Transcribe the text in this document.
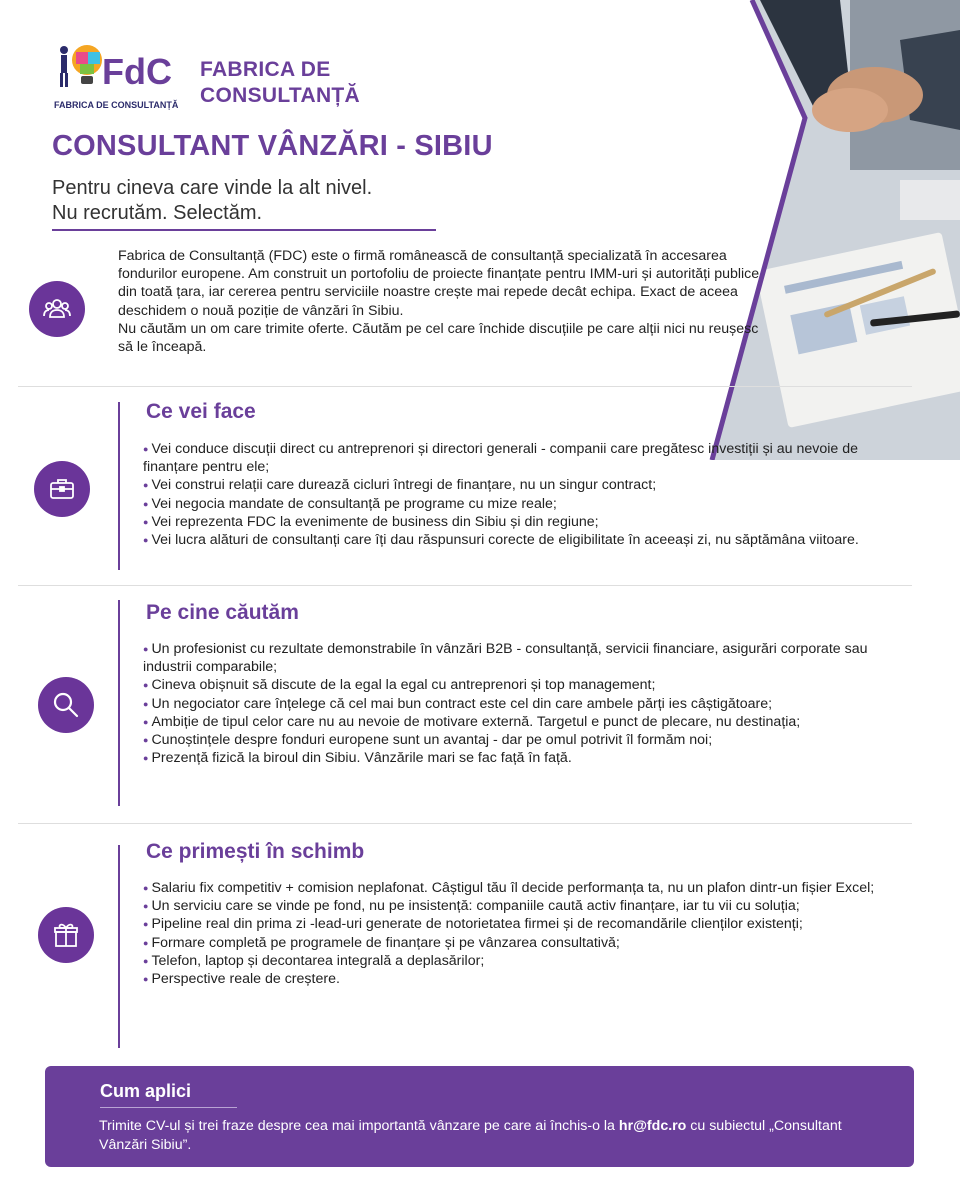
FdC
FABRICA DE CONSULTANȚĂ
FABRICA DE
CONSULTANȚĂ
CONSULTANT VÂNZĂRI - SIBIU
Pentru cineva care vinde la alt nivel.
Nu recrutăm. Selectăm.
Fabrica de Consultanță (FDC) este o firmă românească de consultanță specializată în accesarea fondurilor europene. Am construit un portofoliu de proiecte finanțate pentru IMM-uri și autorități publice din toată țara, iar cererea pentru serviciile noastre crește mai repede decât echipa. Exact de aceea deschidem o nouă poziție de vânzări în Sibiu.
Nu căutăm un om care trimite oferte. Căutăm pe cel care închide discuțiile pe care alții nici nu reușesc să le înceapă.
Ce vei face
● Vei conduce discuții direct cu antreprenori și directori generali - companii care pregătesc investiții și au nevoie de finanțare pentru ele;
● Vei construi relații care durează cicluri întregi de finanțare, nu un singur contract;
● Vei negocia mandate de consultanță pe programe cu mize reale;
● Vei reprezenta FDC la evenimente de business din Sibiu și din regiune;
● Vei lucra alături de consultanți care îți dau răspunsuri corecte de eligibilitate în aceeași zi, nu săptămâna viitoare.
Pe cine căutăm
● Un profesionist cu rezultate demonstrabile în vânzări B2B - consultanță, servicii financiare, asigurări corporate sau industrii comparabile;
● Cineva obișnuit să discute de la egal la egal cu antreprenori și top management;
● Un negociator care înțelege că cel mai bun contract este cel din care ambele părți ies câștigătoare;
● Ambiție de tipul celor care nu au nevoie de motivare externă. Targetul e punct de plecare, nu destinația;
● Cunoștințele despre fonduri europene sunt un avantaj - dar pe omul potrivit îl formăm noi;
● Prezență fizică la biroul din Sibiu. Vânzările mari se fac față în față.
Ce primești în schimb
● Salariu fix competitiv + comision neplafonat. Câștigul tău îl decide performanța ta, nu un plafon dintr-un fișier Excel;
● Un serviciu care se vinde pe fond, nu pe insistență: companiile caută activ finanțare, iar tu vii cu soluția;
● Pipeline real din prima zi -lead-uri generate de notorietatea firmei și de recomandările clienților existenți;
● Formare completă pe programele de finanțare și pe vânzarea consultativă;
● Telefon, laptop și decontarea integrală a deplasărilor;
● Perspective reale de creștere.
Cum aplici
Trimite CV-ul și trei fraze despre cea mai importantă vânzare pe care ai închis-o la hr@fdc.ro cu subiectul „Consultant Vânzări Sibiu”.
